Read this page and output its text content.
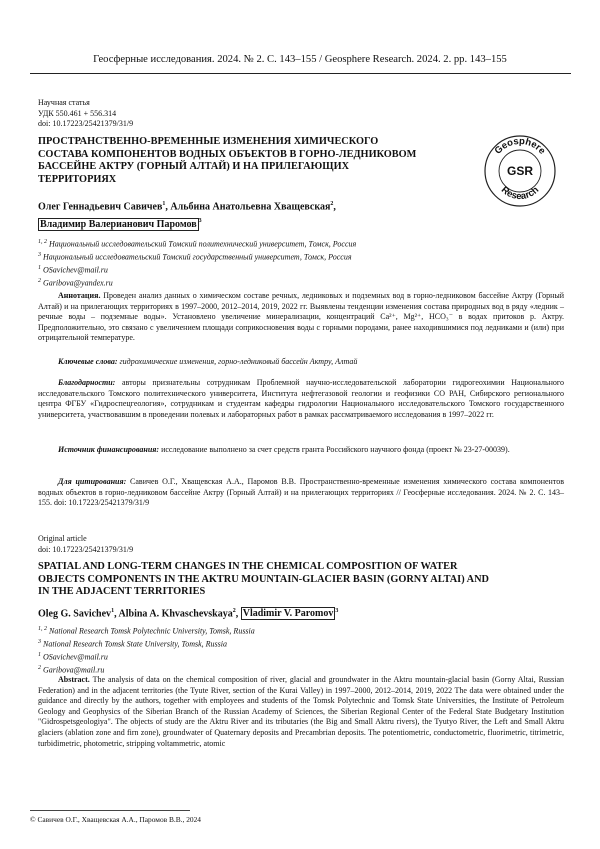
Геосферные исследования. 2024. № 2. С. 143–155 / Geosphere Research. 2024. 2. pp. 143–155
Научная статья
УДК 550.461 + 556.314
doi: 10.17223/25421379/31/9
Geosphere
GSR
Research
ПРОСТРАНСТВЕННО-ВРЕМЕННЫЕ ИЗМЕНЕНИЯ ХИМИЧЕСКОГО СОСТАВА КОМПОНЕНТОВ ВОДНЫХ ОБЪЕКТОВ В ГОРНО-ЛЕДНИКОВОМ БАССЕЙНЕ АКТРУ (ГОРНЫЙ АЛТАЙ) И НА ПРИЛЕГАЮЩИХ ТЕРРИТОРИЯХ
Олег Геннадьевич Савичев$^1$, Альбина Анатольевна Хващевская$^2$,
Владимир Валерианович Паромов $^3$
$^{1, 2}$ Национальный исследовательский Томский политехнический университет, Томск, Россия
$^3$ Национальный исследовательский Томский государственный университет, Томск, Россия
$^1$ OSavichev@mail.ru
$^2$ Garibova@yandex.ru
Аннотация. Проведен анализ данных о химическом составе речных, ледниковых и подземных вод в горно-ледниковом бассейне Актру (Горный Алтай) и на прилегающих территориях в 1997–2000, 2012–2014, 2019, 2022 гг. Выявлены тенденции изменения состава природных вод в ряду «ледник – речные воды – подземные воды». Установлено увеличение минерализации, концентраций Ca²⁺, Mg²⁺, HCO₃⁻ в водах притоков р. Актру. Предположительно, это связано с увеличением площади соприкосновения воды с горными породами, ранее находившимися под ледниками и (или) при отрицательной температуре.
Ключевые слова: гидрохимические изменения, горно-ледниковый бассейн Актру, Алтай
Благодарности: авторы признательны сотрудникам Проблемной научно-исследовательской лаборатории гидрогеохимии Национального исследовательского Томского политехнического университета, Института нефтегазовой геологии и геофизики СО РАН, Сибирского регионального центра ФГБУ «Гидроспецгеология», сотрудникам и студентам кафедры гидрологии Национального исследовательского Томского государственного университета, участвовавшим в проведении полевых и лабораторных работ в рамках рассматриваемого исследования в 1997–2022 гг.
Источник финансирования: исследование выполнено за счет средств гранта Российского научного фонда (проект № 23-27-00039).
Для цитирования: Савичев О.Г., Хващевская А.А., Паромов В.В. Пространственно-временные изменения химического состава компонентов водных объектов в горно-ледниковом бассейне Актру (Горный Алтай) и на прилегающих территориях // Геосферные исследования. 2024. № 2. С. 143–155. doi: 10.17223/25421379/31/9
Original article
doi: 10.17223/25421379/31/9
SPATIAL AND LONG-TERM CHANGES IN THE CHEMICAL COMPOSITION OF WATER OBJECTS COMPONENTS IN THE AKTRU MOUNTAIN-GLACIER BASIN (GORNY ALTAI) AND IN THE ADJACENT TERRITORIES
Oleg G. Savichev$^1$, Albina A. Khvaschevskaya$^2$, Vladimir V. Paromov $^3$
$^{1, 2}$ National Research Tomsk Polytechnic University, Tomsk, Russia
$^3$ National Research Tomsk State University, Tomsk, Russia
$^1$ OSavichev@mail.ru
$^2$ Garibova@mail.ru
Abstract. The analysis of data on the chemical composition of river, glacial and groundwater in the Aktru mountain-glacial basin (Gorny Altai, Russian Federation) and in the adjacent territories (the Tyute River, section of the Kurai Valley) in 1997–2000, 2012–2014, 2019, 2022 The data were obtained under the guidance and directly by the authors, together with employees and students of the Tomsk Polytechnic and Tomsk State Universities, the Institute of Petroleum Geology and Geophysics of the Siberian Branch of the Russian Academy of Sciences, the Siberian Regional Center of the Federal State Budgetary Institution "Gidrospetsgeologiya". The objects of study are the Aktru River and its tributaries (the Big and Small Aktru rivers), the Tyutyo River, the Left and Small Aktru glaciers (ablation zone and firn zone), groundwater of Quaternary deposits and Precambrian deposits. The potentiometric, conductometric, fluorimetric, titrimetric, turbidimetric, photometric, stripping voltammetric, atomic
© Савичев О.Г., Хващевская А.А., Паромов В.В., 2024
